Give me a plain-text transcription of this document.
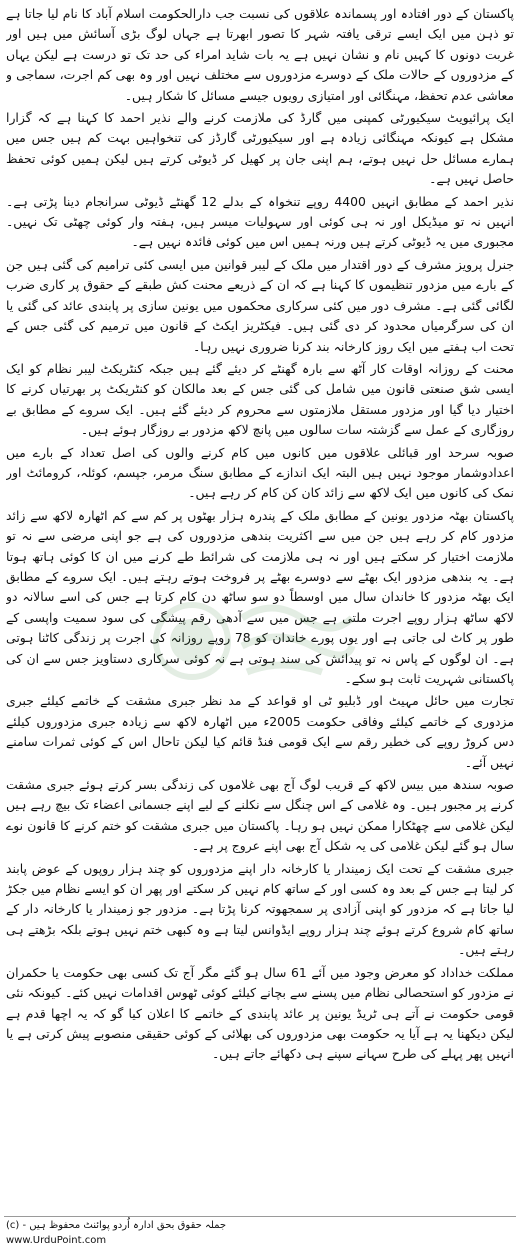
پاکستان کے دور افتادہ اور پسماندہ علاقوں کی نسبت جب دارالحکومت اسلام آباد کا نام لیا جاتا ہے تو ذہن میں ایک ایسے ترقی یافتہ شہر کا تصور ابھرتا ہے جہاں لوگ بڑی آسائش میں ہیں اور غربت دونوں کا کہیں نام و نشان نہیں ہے یہ بات شاید امراء کی حد تک تو درست ہے لیکن یہاں کے مزدوروں کے حالات ملک کے دوسرے مزدوروں سے مختلف نہیں اور وہ بھی کم اجرت، سماجی و معاشی عدم تحفظ، مہنگائی اور امتیازی رویوں جیسے مسائل کا شکار ہیں۔

ایک پرائیویٹ سیکیورٹی کمپنی میں گارڈ کی ملازمت کرنے والے نذیر احمد کا کہنا ہے کہ گزارا مشکل ہے کیونکہ مہنگائی زیادہ ہے اور سیکیورٹی گارڈز کی تنخواہیں بہت کم ہیں جس میں ہمارے مسائل حل نہیں ہوتے، ہم اپنی جان پر کھیل کر ڈیوٹی کرتے ہیں لیکن ہمیں کوئی تحفظ حاصل نہیں ہے۔

نذیر احمد کے مطابق انہیں 4400 روپے تنخواہ کے بدلے 12 گھنٹے ڈیوٹی سرانجام دینا پڑتی ہے۔ انہیں نہ تو میڈیکل اور نہ ہی کوئی اور سہولیات میسر ہیں، ہفتہ وار کوئی چھٹی تک نہیں۔ مجبوری میں یہ ڈیوٹی کرتے ہیں ورنہ ہمیں اس میں کوئی فائدہ نہیں ہے۔

جنرل پرویز مشرف کے دور اقتدار میں ملک کے لیبر قوانین میں ایسی کئی ترامیم کی گئی ہیں جن کے بارے میں مزدور تنظیموں کا کہنا ہے کہ ان کے ذریعے محنت کش طبقے کے حقوق پر کاری ضرب لگائی گئی ہے۔ مشرف دور میں کئی سرکاری محکموں میں یونین سازی پر پابندی عائد کی گئی یا ان کی سرگرمیاں محدود کر دی گئی ہیں۔ فیکٹریز ایکٹ کے قانون میں ترمیم کی گئی جس کے تحت اب ہفتے میں ایک روز کارخانہ بند کرنا ضروری نہیں رہا۔

محنت کے روزانہ اوقات کار آٹھ سے بارہ گھنٹے کر دیئے گئے ہیں جبکہ کنٹریکٹ لیبر نظام کو ایک ایسی شق صنعتی قانون میں شامل کی گئی جس کے بعد مالکان کو کنٹریکٹ پر بھرتیاں کرنے کا اختیار دیا گیا اور مزدور مستقل ملازمتوں سے محروم کر دیئے گئے ہیں۔ ایک سروے کے مطابق بے روزگاری کے عمل سے گزشتہ سات سالوں میں پانچ لاکھ مزدور بے روزگار ہوئے ہیں۔

صوبہ سرحد اور قبائلی علاقوں میں کانوں میں کام کرنے والوں کی اصل تعداد کے بارے میں اعدادوشمار موجود نہیں ہیں البتہ ایک اندازے کے مطابق سنگ مرمر، جپسم، کوئلہ، کرومائٹ اور نمک کی کانوں میں ایک لاکھ سے زائد کان کن کام کر رہے ہیں۔

پاکستان بھٹہ مزدور یونین کے مطابق ملک کے پندرہ ہزار بھٹوں پر کم سے کم اٹھارہ لاکھ سے زائد مزدور کام کر رہے ہیں جن میں سے اکثریت بندھی مزدوروں کی ہے جو اپنی مرضی سے نہ تو ملازمت اختیار کر سکتے ہیں اور نہ ہی ملازمت کی شرائط طے کرنے میں ان کا کوئی ہاتھ ہوتا ہے۔ یہ بندھی مزدور ایک بھٹے سے دوسرے بھٹے پر فروخت ہوتے رہتے ہیں۔ ایک سروے کے مطابق ایک بھٹہ مزدور کا خاندان سال میں اوسطاً دو سو ساٹھ دن کام کرتا ہے جس کی اسے سالانہ دو لاکھ ساٹھ ہزار روپے اجرت ملتی ہے جس میں سے آدھی رقم پیشگی کی سود سمیت واپسی کے طور پر کاٹ لی جاتی ہے اور یوں پورے خاندان کو 78 روپے روزانہ کی اجرت پر زندگی کاٹنا ہوتی ہے۔ ان لوگوں کے پاس نہ تو پیدائش کی سند ہوتی ہے نہ کوئی سرکاری دستاویز جس سے ان کی پاکستانی شہریت ثابت ہو سکے۔

تجارت میں حائل مہیٹ اور ڈبلیو ٹی او قواعد کے مد نظر جبری مشقت کے خاتمے کیلئے جبری مزدوری کے خاتمے کیلئے وفاقی حکومت 2005ء میں اٹھارہ لاکھ سے زیادہ جبری مزدوروں کیلئے دس کروڑ روپے کی خطیر رقم سے ایک قومی فنڈ قائم کیا لیکن تاحال اس کے کوئی ثمرات سامنے نہیں آئے۔

صوبہ سندھ میں بیس لاکھ کے قریب لوگ آج بھی غلاموں کی زندگی بسر کرتے ہوئے جبری مشقت کرنے پر مجبور ہیں۔ وہ غلامی کے اس چنگل سے نکلنے کے لیے اپنے جسمانی اعضاء تک بیچ رہے ہیں لیکن غلامی سے چھٹکارا ممکن نہیں ہو رہا۔ پاکستان میں جبری مشقت کو ختم کرنے کا قانون نوے سال ہو گئے لیکن غلامی کی یہ شکل آج بھی اپنے عروج پر ہے۔

جبری مشقت کے تحت ایک زمیندار یا کارخانہ دار اپنے مزدوروں کو چند ہزار روپوں کے عوض پابند کر لیتا ہے جس کے بعد وہ کسی اور کے ساتھ کام نہیں کر سکتے اور پھر ان کو ایسے نظام میں جکڑ لیا جاتا ہے کہ مزدور کو اپنی آزادی پر سمجھوتہ کرنا پڑتا ہے۔ مزدور جو زمیندار یا کارخانہ دار کے ساتھ کام شروع کرتے ہوئے چند ہزار روپے ایڈوانس لیتا ہے وہ کبھی ختم نہیں ہوتے بلکہ بڑھتے ہی رہتے ہیں۔

مملکت خداداد کو معرض وجود میں آئے 61 سال ہو گئے مگر آج تک کسی بھی حکومت یا حکمران نے مزدور کو استحصالی نظام میں پسنے سے بچانے کیلئے کوئی ٹھوس اقدامات نہیں کئے۔ کیونکہ نئی قومی حکومت نے آتے ہی ٹریڈ یونین پر عائد پابندی کے خاتمے کا اعلان کیا گو کہ یہ اچھا قدم ہے لیکن دیکھنا یہ ہے آیا یہ حکومت بھی مزدوروں کی بھلائی کے کوئی حقیقی منصوبے پیش کرتی ہے یا انہیں پھر پہلے کی طرح سہانے سپنے ہی دکھائے جاتے ہیں۔

(c) - جملہ حقوق بحق ادارہ اُردو پوائنٹ محفوظ ہیں
www.UrduPoint.com
